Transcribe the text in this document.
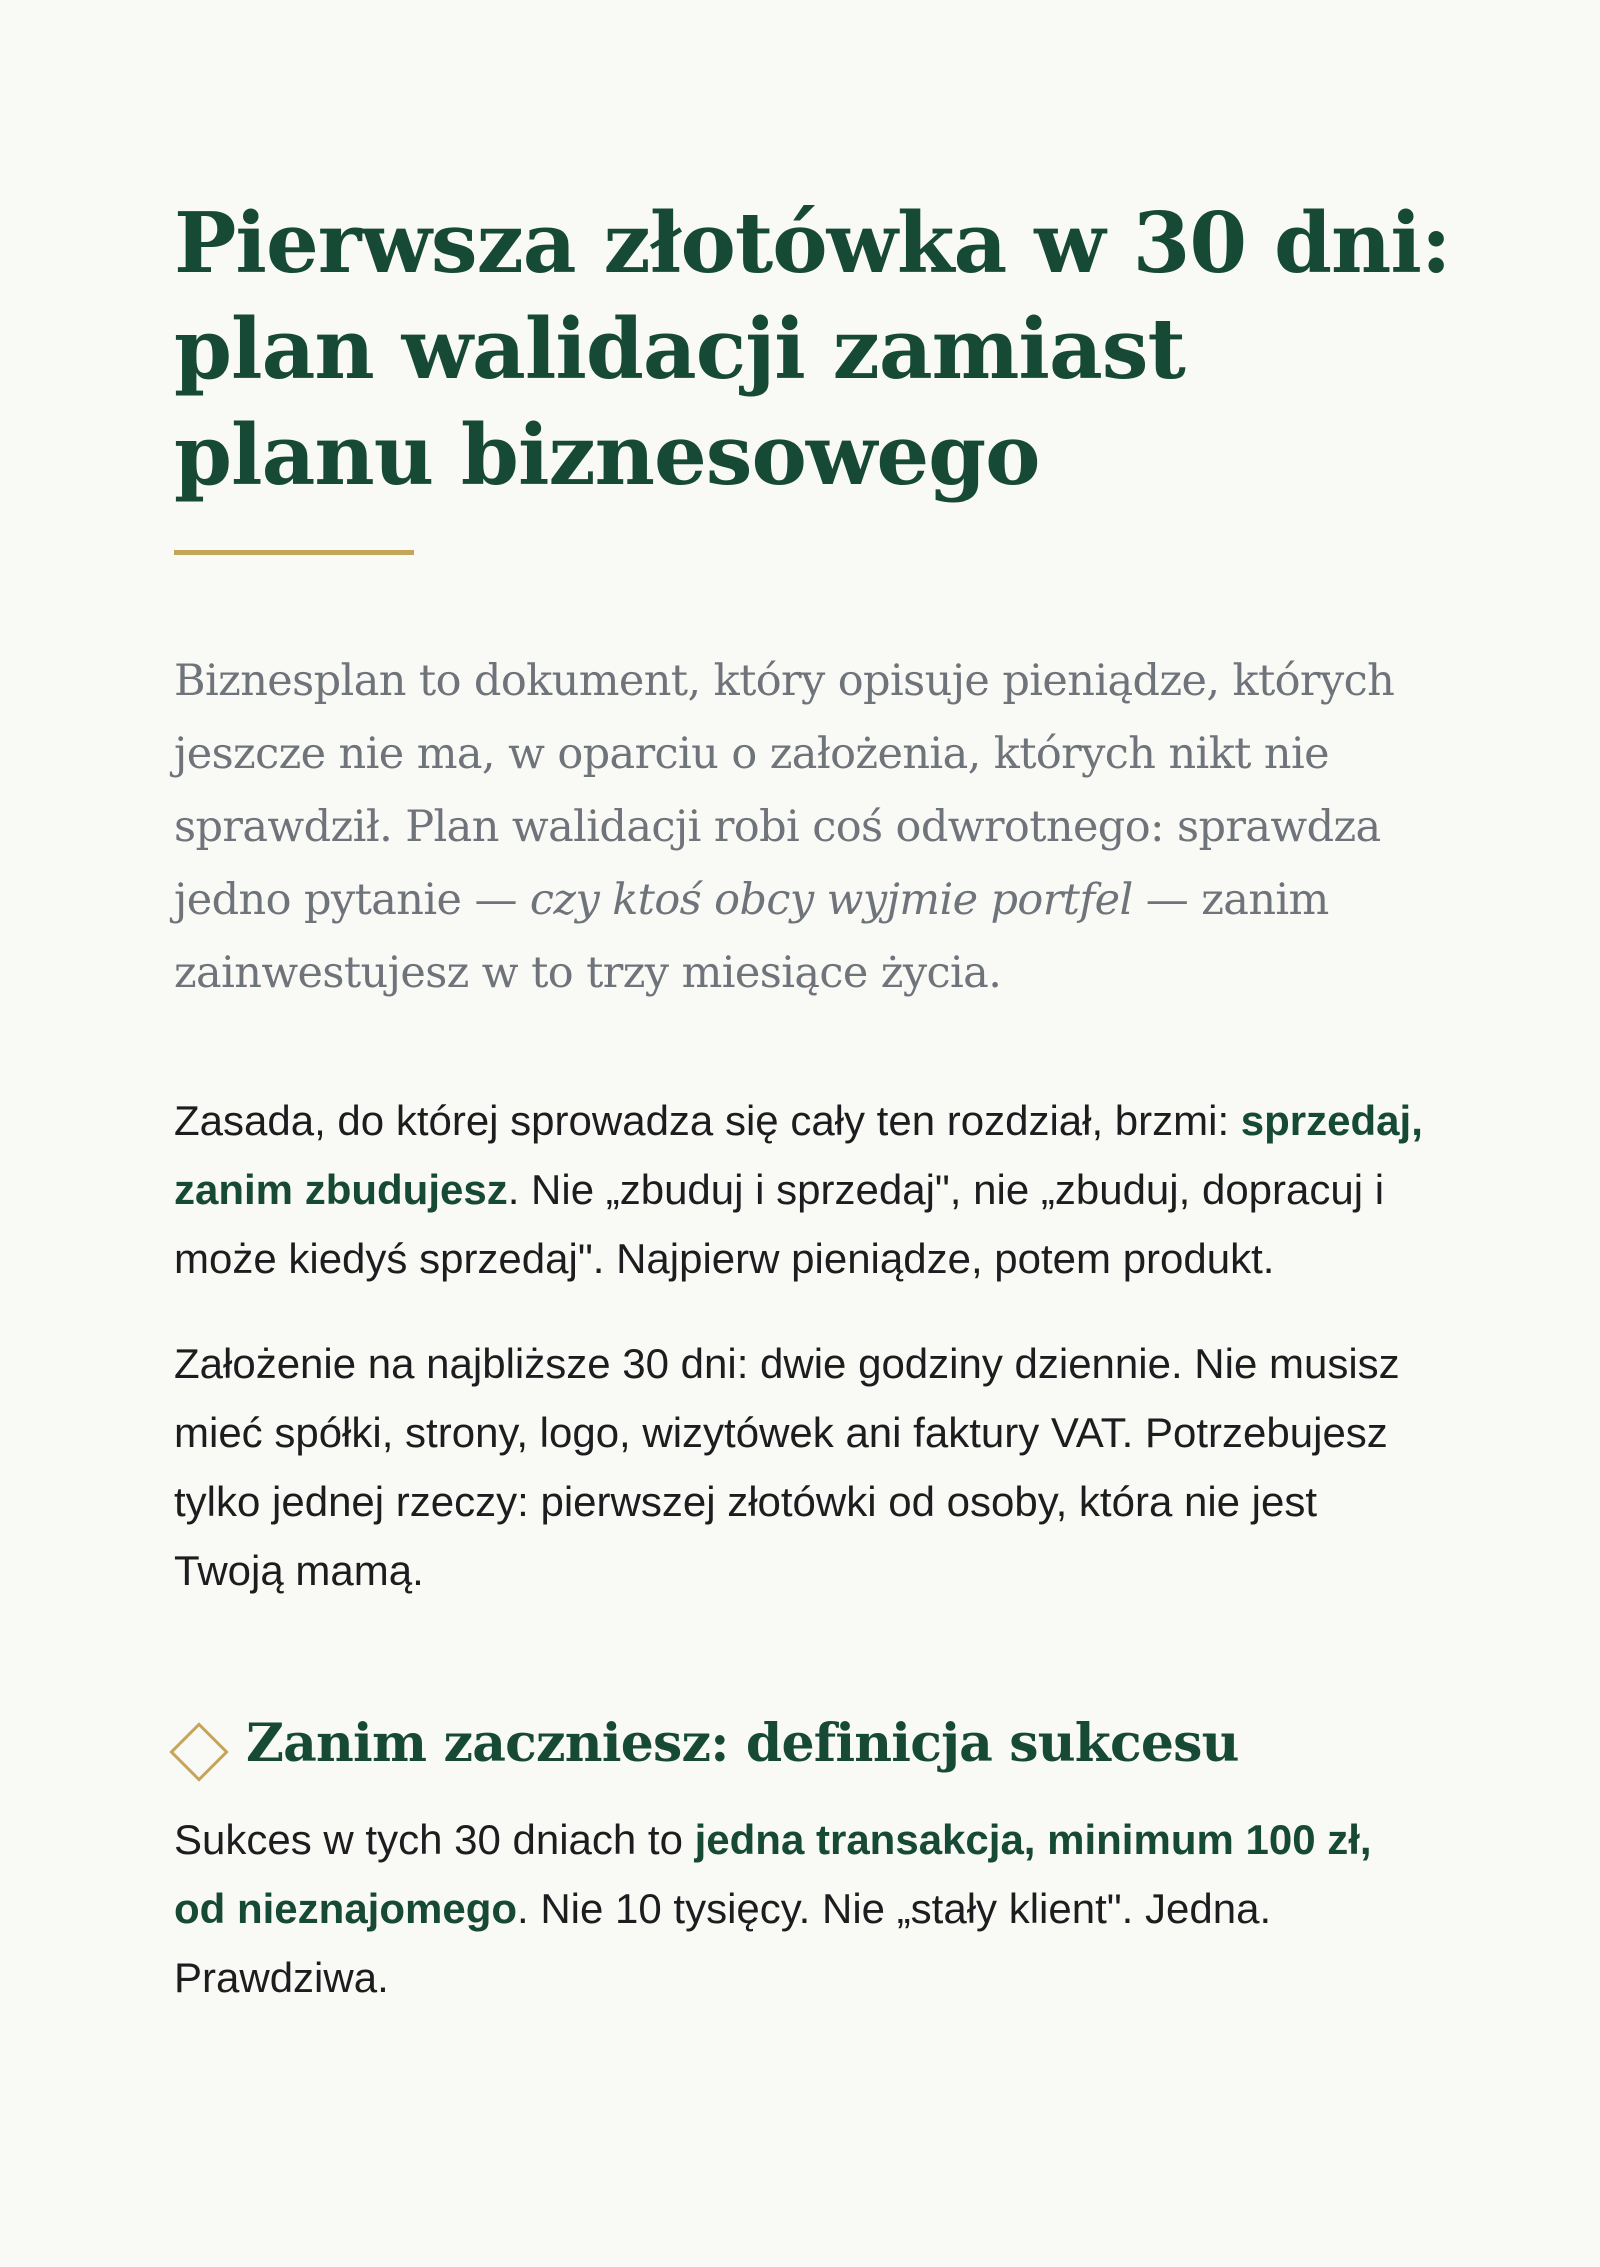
Pierwsza złotówka w 30 dni: plan walidacji zamiast planu biznesowego

Biznesplan to dokument, który opisuje pieniądze, których jeszcze nie ma, w oparciu o założenia, których nikt nie sprawdził. Plan walidacji robi coś odwrotnego: sprawdza jedno pytanie — czy ktoś obcy wyjmie portfel — zanim zainwestujesz w to trzy miesiące życia.

Zasada, do której sprowadza się cały ten rozdział, brzmi: sprzedaj, zanim zbudujesz. Nie „zbuduj i sprzedaj", nie „zbuduj, dopracuj i może kiedyś sprzedaj". Najpierw pieniądze, potem produkt.

Założenie na najbliższe 30 dni: dwie godziny dziennie. Nie musisz mieć spółki, strony, logo, wizytówek ani faktury VAT. Potrzebujesz tylko jednej rzeczy: pierwszej złotówki od osoby, która nie jest Twoją mamą.

Zanim zaczniesz: definicja sukcesu

Sukces w tych 30 dniach to jedna transakcja, minimum 100 zł, od nieznajomego. Nie 10 tysięcy. Nie „stały klient". Jedna. Prawdziwa.
